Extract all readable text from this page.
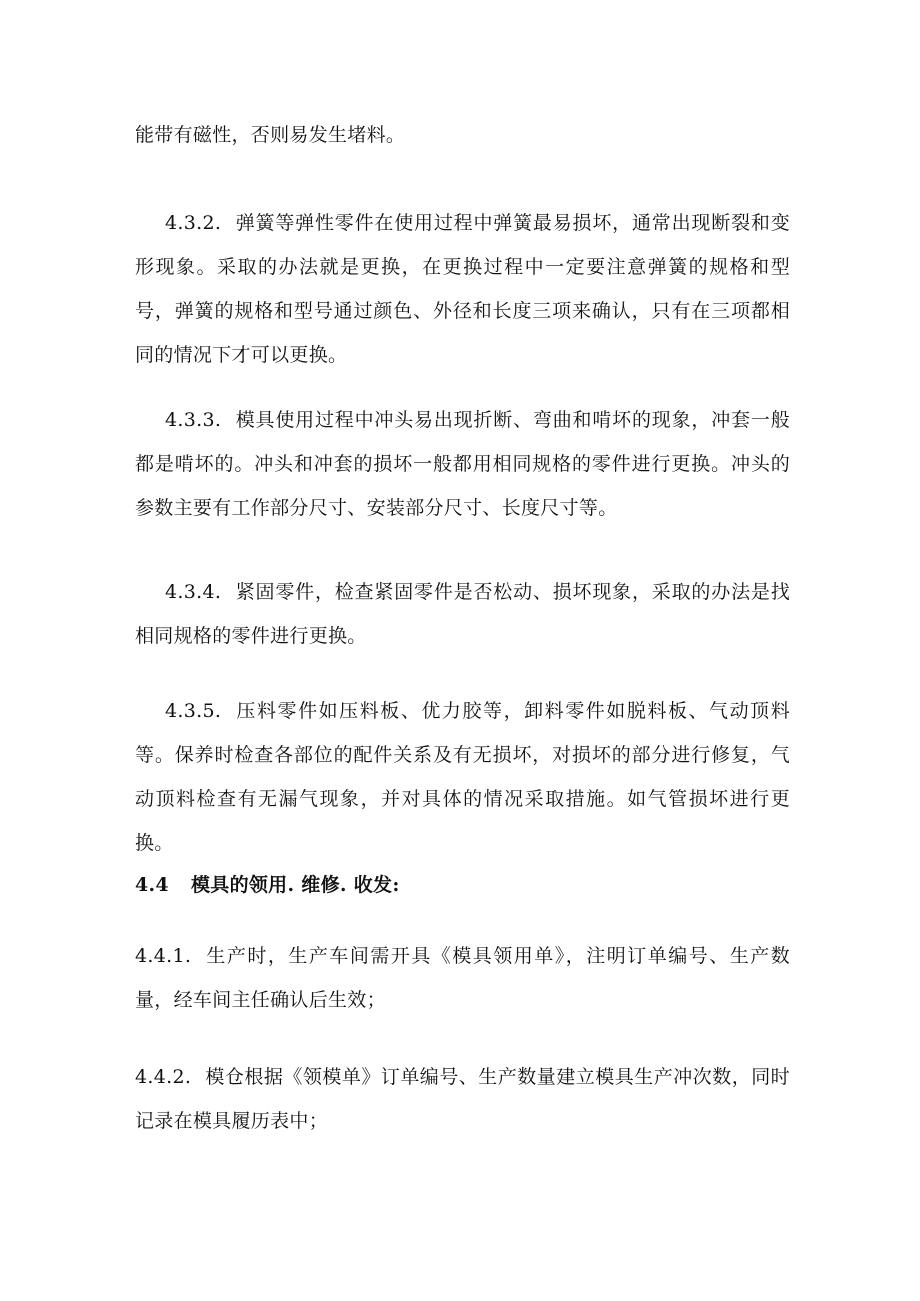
能带有磁性，否则易发生堵料。

4.3.2. 弹簧等弹性零件在使用过程中弹簧最易损坏，通常出现断裂和变形现象。采取的办法就是更换，在更换过程中一定要注意弹簧的规格和型号，弹簧的规格和型号通过颜色、外径和长度三项来确认，只有在三项都相同的情况下才可以更换。

4.3.3. 模具使用过程中冲头易出现折断、弯曲和啃坏的现象，冲套一般都是啃坏的。冲头和冲套的损坏一般都用相同规格的零件进行更换。冲头的参数主要有工作部分尺寸、安装部分尺寸、长度尺寸等。

4.3.4. 紧固零件，检查紧固零件是否松动、损坏现象，采取的办法是找相同规格的零件进行更换。

4.3.5. 压料零件如压料板、优力胶等，卸料零件如脱料板、气动顶料等。保养时检查各部位的配件关系及有无损坏，对损坏的部分进行修复，气动顶料检查有无漏气现象，并对具体的情况采取措施。如气管损坏进行更换。

4.4 模具的领用. 维修. 收发:

4.4.1. 生产时，生产车间需开具《模具领用单》，注明订单编号、生产数量，经车间主任确认后生效；

4.4.2. 模仓根据《领模单》订单编号、生产数量建立模具生产冲次数，同时记录在模具履历表中；
